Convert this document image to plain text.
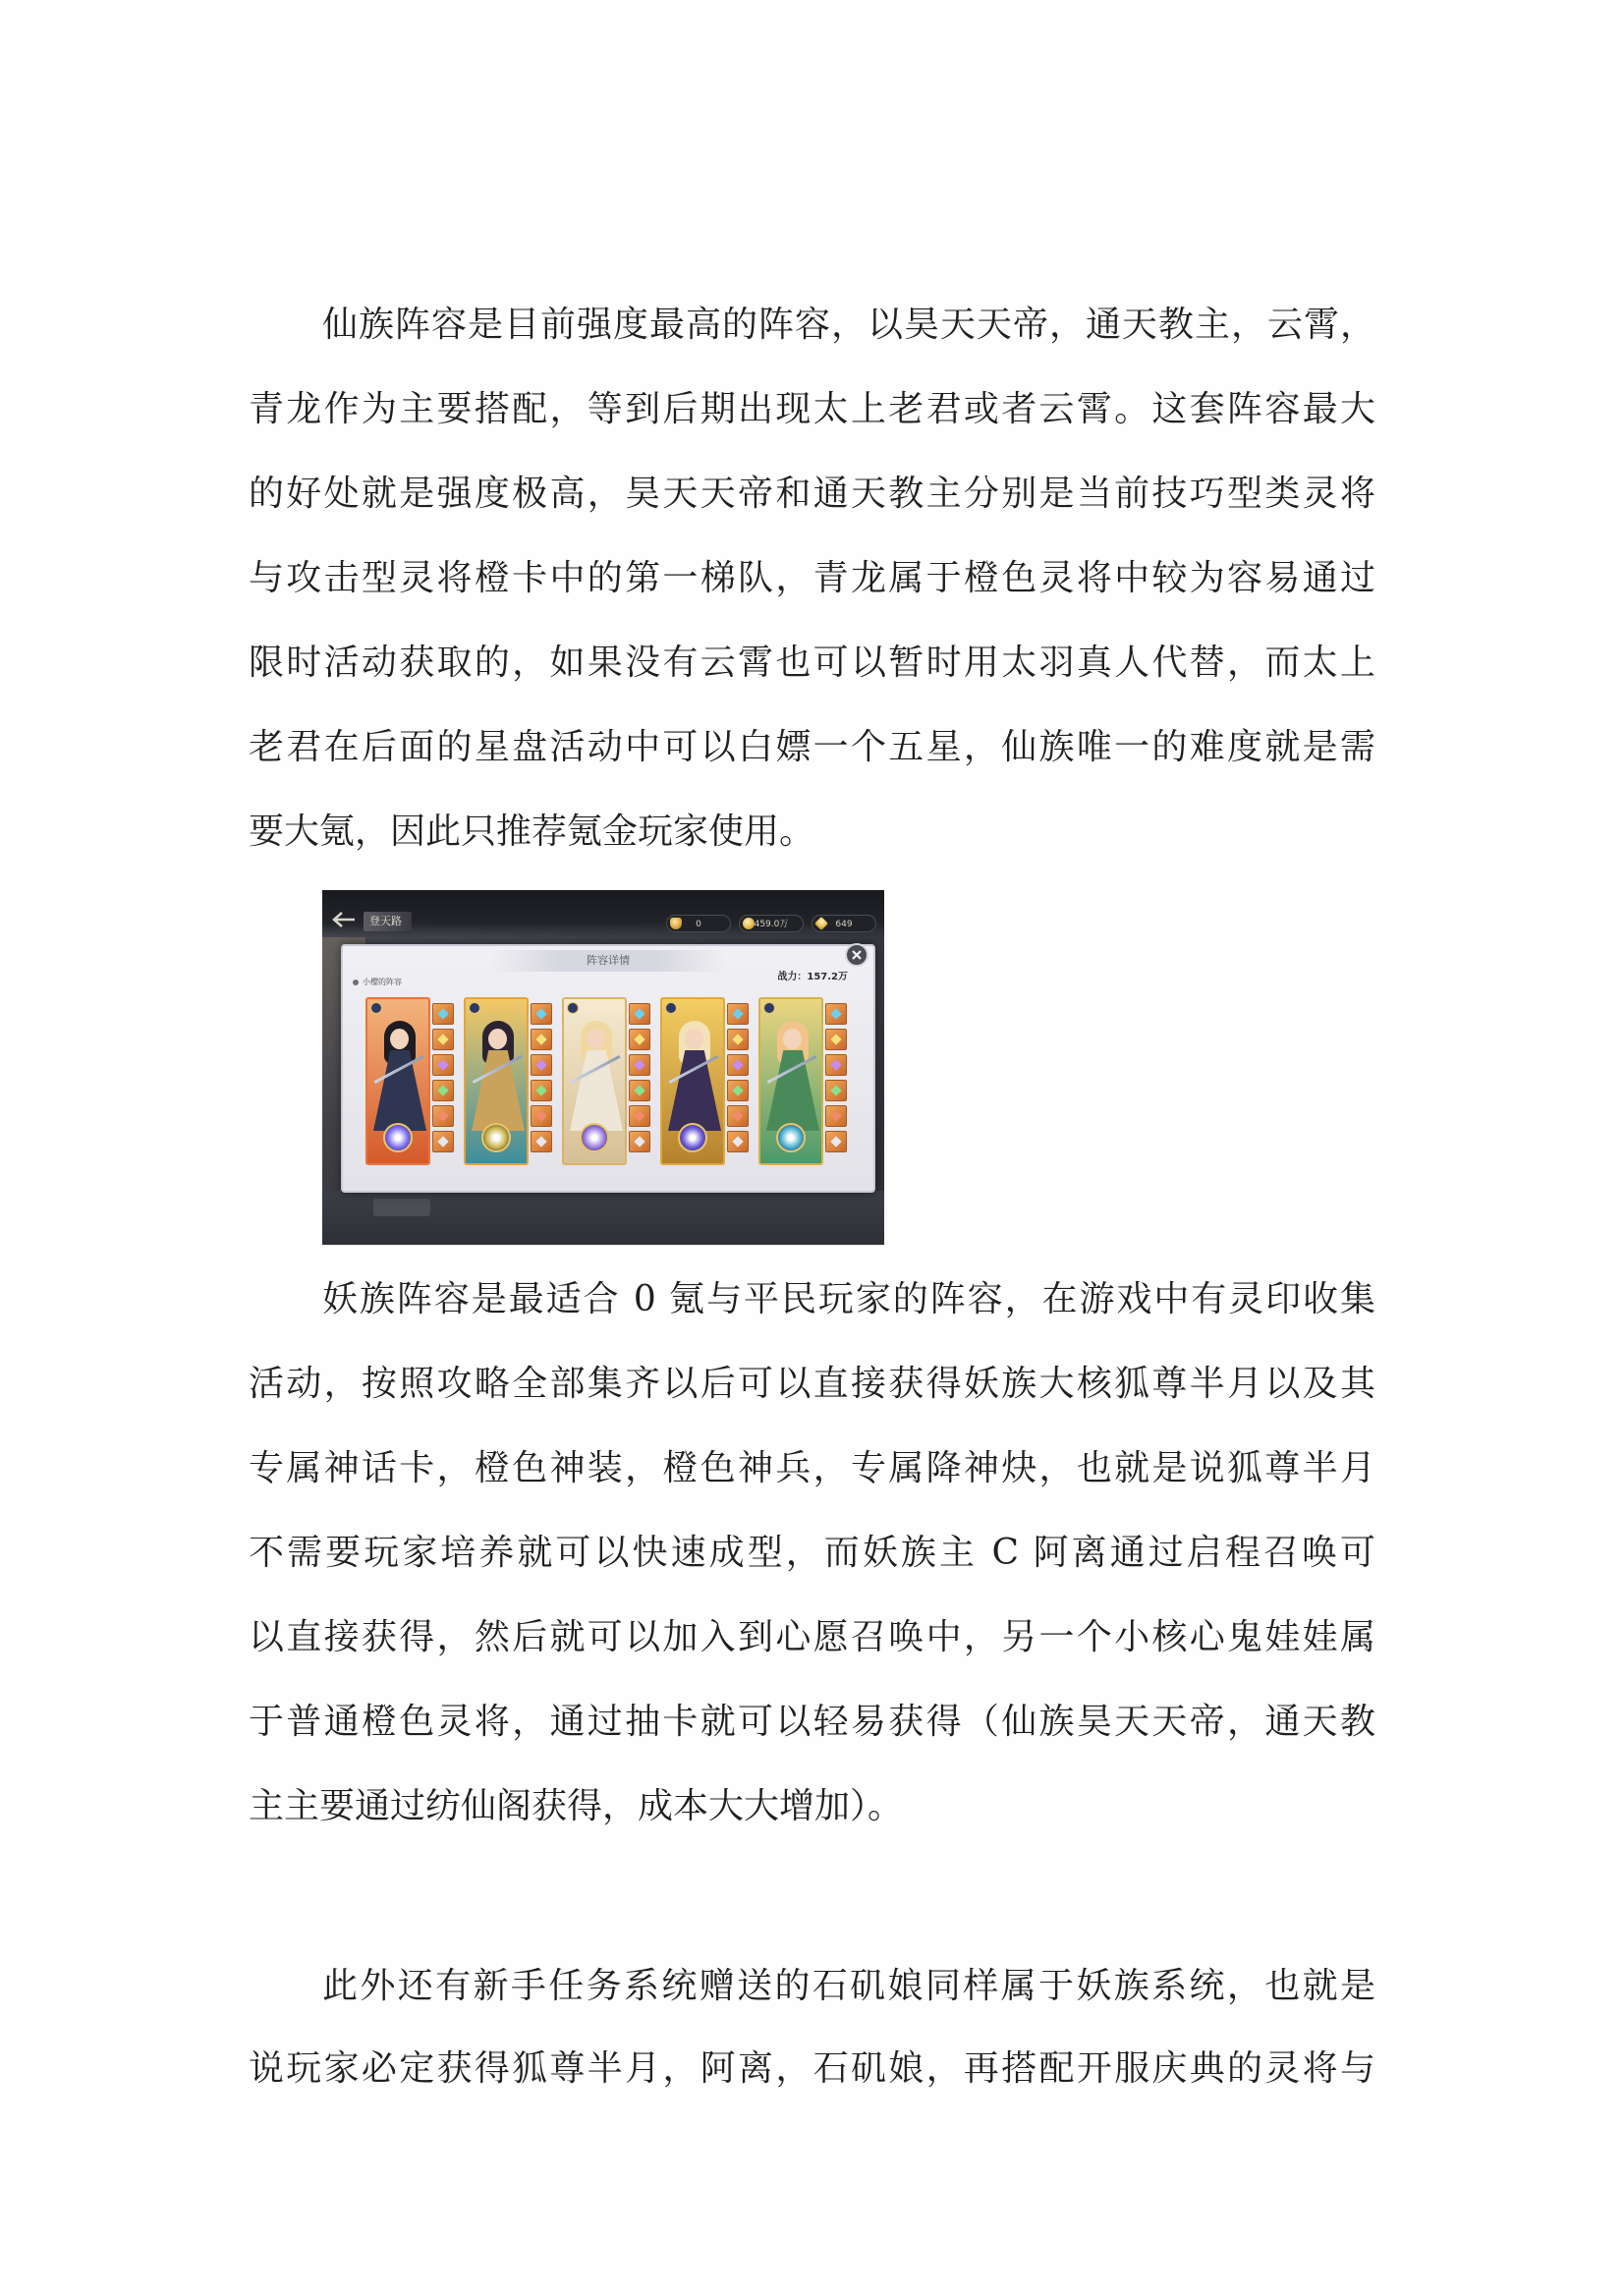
仙族阵容是目前强度最高的阵容，以昊天天帝，通天教主，云霄，
青龙作为主要搭配，等到后期出现太上老君或者云霄。这套阵容最大
的好处就是强度极高，昊天天帝和通天教主分别是当前技巧型类灵将
与攻击型灵将橙卡中的第一梯队，青龙属于橙色灵将中较为容易通过
限时活动获取的，如果没有云霄也可以暂时用太羽真人代替，而太上
老君在后面的星盘活动中可以白嫖一个五星，仙族唯一的难度就是需
要大氪，因此只推荐氪金玩家使用。
登天路	0	459.0万	649
阵容详情
小樱的阵容	战力：157.2万
妖族阵容是最适合 0 氪与平民玩家的阵容，在游戏中有灵印收集
活动，按照攻略全部集齐以后可以直接获得妖族大核狐尊半月以及其
专属神话卡，橙色神装，橙色神兵，专属降神炔，也就是说狐尊半月
不需要玩家培养就可以快速成型，而妖族主 C 阿离通过启程召唤可
以直接获得，然后就可以加入到心愿召唤中，另一个小核心鬼娃娃属
于普通橙色灵将，通过抽卡就可以轻易获得（仙族昊天天帝，通天教
主主要通过纺仙阁获得，成本大大增加）。
此外还有新手任务系统赠送的石矶娘同样属于妖族系统，也就是
说玩家必定获得狐尊半月，阿离，石矶娘，再搭配开服庆典的灵将与
